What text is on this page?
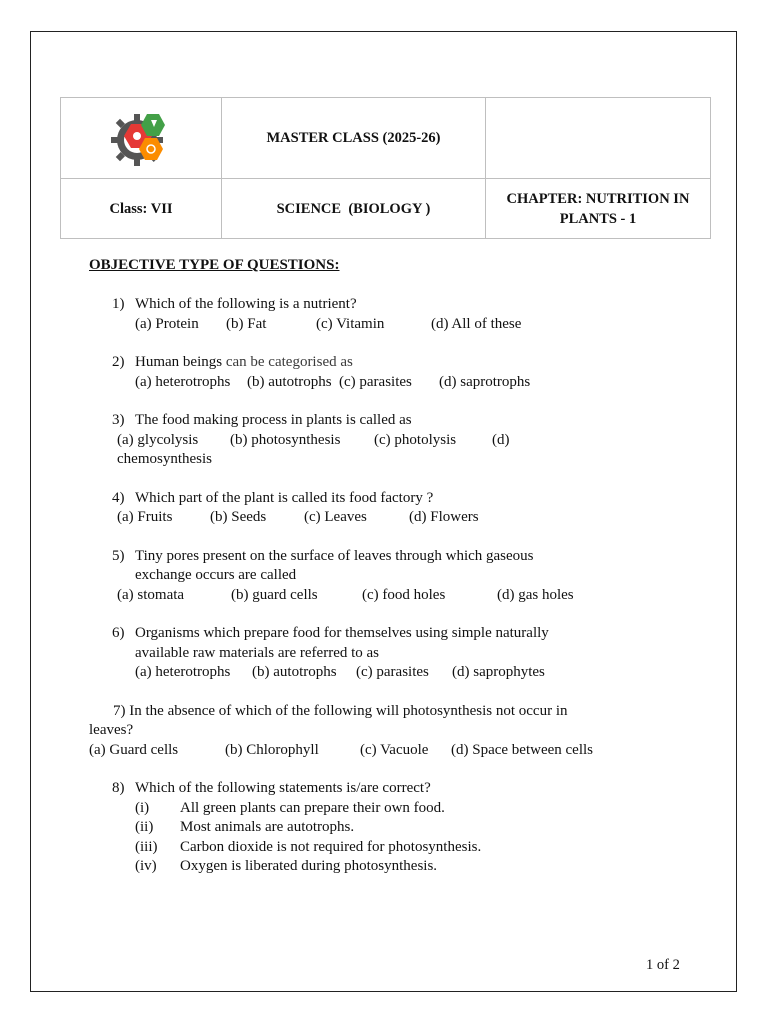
	MASTER CLASS (2025-26)	
Class: VII	SCIENCE  (BIOLOGY )	CHAPTER: NUTRITION IN
PLANTS - 1
OBJECTIVE TYPE OF QUESTIONS:
1) Which of the following is a nutrient?
(a) Protein (b) Fat	(c) Vitamin	(d) All of these
2) Human beings can be categorised as
(a) heterotrophs (b) autotrophs (c) parasites (d) saprotrophs
3) The food making process in plants is called as
(a) glycolysis (b) photosynthesis (c) photolysis (d)
chemosynthesis
4) Which part of the plant is called its food factory ?
(a) Fruits	(b) Seeds	(c) Leaves	(d) Flowers
5) Tiny pores present on the surface of leaves through which gaseous
exchange occurs are called
(a) stomata	(b) guard cells	(c) food holes	(d) gas holes
6) Organisms which prepare food for themselves using simple naturally
available raw materials are referred to as
(a) heterotrophs (b) autotrophs (c) parasites (d) saprophytes
7) In the absence of which of the following will photosynthesis not occur in
leaves?
(a) Guard cells	(b) Chlorophyll	(c) Vacuole (d) Space between cells
8) Which of the following statements is/are correct?
(i)	All green plants can prepare their own food.
(ii)	Most animals are autotrophs.
(iii)	Carbon dioxide is not required for photosynthesis.
(iv)	Oxygen is liberated during photosynthesis.
1 of 2
